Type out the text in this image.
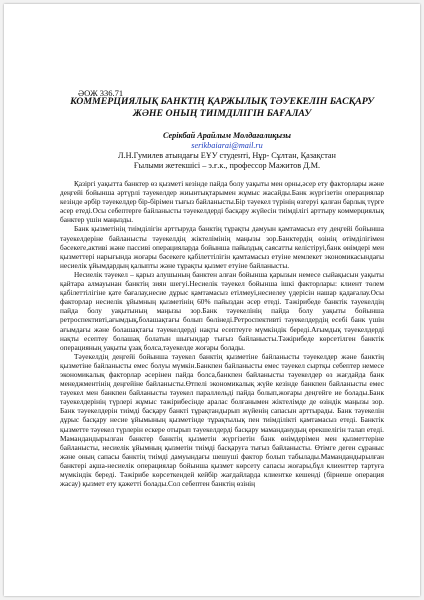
ӘОЖ 336.71
КОММЕРЦИЯЛЫҚ БАНКТІҢ ҚАРЖЫЛЫҚ ТӘУЕКЕЛІН БАСҚАРУ
ЖӘНЕ ОНЫҢ ТИІМДІЛІГІН БАҒАЛАУ
Серікбай Арайлым Молдағалиқызы
serikbaiarai@mail.ru
Л.Н.Гумилев атындағы ЕҰУ студенті, Нұр- Сұлтан, Қазақстан
Ғылыми жетекшісі – э.ғ.к., профессор Мажитов Д.М.

Қазіргі уақытта банктер өз қызметі кезінде пайда болу уақыты мен орны,әсер ету факторлары және деңгейі бойынша әртүрлі тәуекелдер жиынтықтарымен жұмыс жасайды.Банк жүргізетін операциялар кезінде әрбір тәуекелдер бір-бірімен тығыз байланысты.Бір тәуекел түрінің өзгеруі қалған барлық түрге әсер етеді.Осы себептерге байланысты тәуекелдерді басқару жүйесін тиімділігі арттыру коммерциялық банктер үшін маңызды.

Банк қызметінің тиімділігін арттыруда банктің тұрақты дамуын қамтамасыз ету деңгейі бойынша тәуекелдеріне байланысты тәуекелдің жіктелімінің маңызы зор.Банктердің өзінің өтімділігімен бәсекеге,активі және пассиві операцияларда бойынша пайыздық саясатты келістіруі,банк өнімдері мен қызметтері нарығында жоғары бәсекеге қабілеттілігін қамтамасыз етуіне мемлекет экономикасындағы несиелік ұйымдардың қалыпты және тұрақты қызмет етуіне байланысты.

Несиелік тәуекел – қарыз алушының банктен алған бойынша қарызын немесе сыйақысын уақыты қайтара алмауынан банктің зиян шегуі.Несиелік тәуекел бойынша ішкі факторлары: клиент төлем қабілеттілігіне қате бағалау,несие дұрыс қамтамасыз етілмеуі,несиелеу үдерісін нашар қадағалау.Осы факторлар несиелік ұйымның қызметінің 60% пайыздан әсер етеді. Тәжірибеде банктік тәуекелдің пайда болу уақытының маңызы зор.Банк тәуекелінің пайда болу уақыты бойынша ретроспективті,ағымдық,болашақтағы болып бөлінеді.Ретроспективті тәуекелдердің есебі банк үшін ағымдағы және болашақтағы тәуекелдерді нақты есептеуге мүмкіндік береді.Ағымдық тәуекелдерді нақты есептеу болашақ болатын шығындар тығыз байланысты.Тәжірибеде көрсетілген банктік операцияның уақыты ұзақ болса,тәуекелде жоғары болады.

Тәуекелдің деңгейі бойынша тәуекел банктің қызметіне байланысты тәуекелдер және банктің қызметіне байланысты емес болуы мүмкін.Банкпен байланысты емес тәуекел сыртқы себептер немесе экономикалық факторлар әсерінен пайда болса,банкпен байланысты тәуекелдер өз жағдайда банк менеджментінің деңгейіне байланысты.Өтпелі экономикалық жүйе кезінде банкпен байланысты емес тәуекел мен банкпен байланысты тәуекел параллельді пайда болып,жоғары деңгейге ие болады.Банк тәуекелдерінің түрлері жұмыс тәжірибесінде аралас болғанымен жіктелімде де өзіндік маңызы зор. Банк тәуекелдерін тиімді басқару банкті тұрақтандырып жүйенің сапасын арттырады. Банк тәуекелін дұрыс басқару несие ұйымының қызметінде тұрақтылық пен тиімділікті қамтамасыз етеді. Банктік қызметте тәуекел түрлерін ескере отырып тәуекелдерді басқару маманданудың ерекшелігін талап етеді. Мамандандырылған банктер банктің қызметін жүргізетін банк өнімдерімен мен қызметтеріне байланысты, несиелік ұйымның қызметін тиімді басқаруға тығыз байланысты. Өтімге деген сұраныс және оның сапасы банктің тиімді дамуындағы шешуші фактор болып табылады.Мамандандырылған банктері ақша-несиелік операциялар бойынша қызмет көрсету сапасы жоғары,бұл клиенттер тартуға мүмкіндік береді. Тәжірибе көрсеткендей кейбір жағдайларда клиентке кешенді (бірнеше операция жасау) қызмет ету қажетті болады.Сол себептен банктің өзінің
